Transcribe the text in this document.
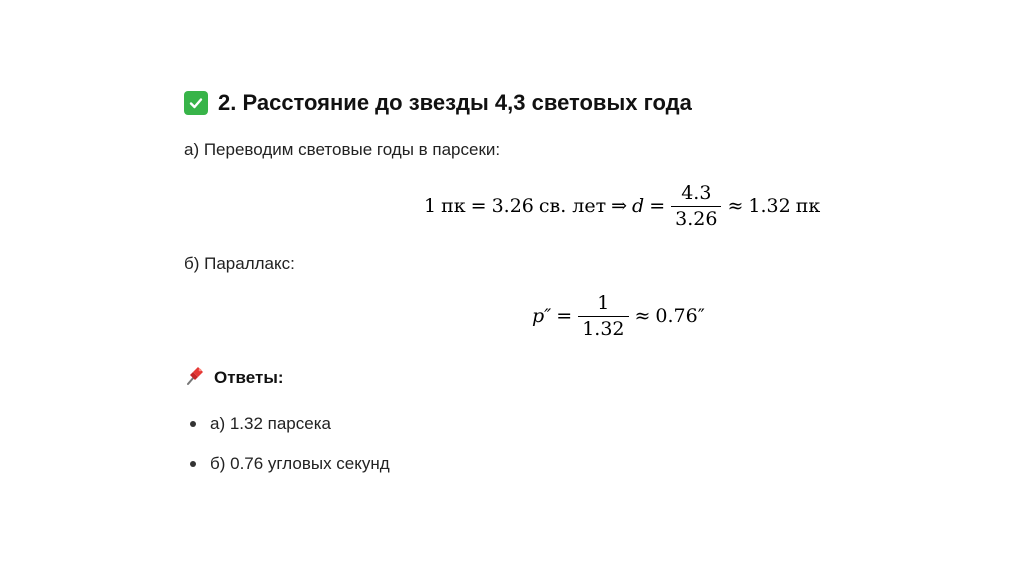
2. Расстояние до звезды 4,3 световых года
а) Переводим световые годы в парсеки:
1 пк = 3.26 св. лет ⇒ $d = \frac{4.3}{3.26} \approx 1.32$ пк
б) Параллакс:
$p'' = \frac{1}{1.32} \approx 0.76''$
Ответы:
а) 1.32 парсека
б) 0.76 угловых секунд
